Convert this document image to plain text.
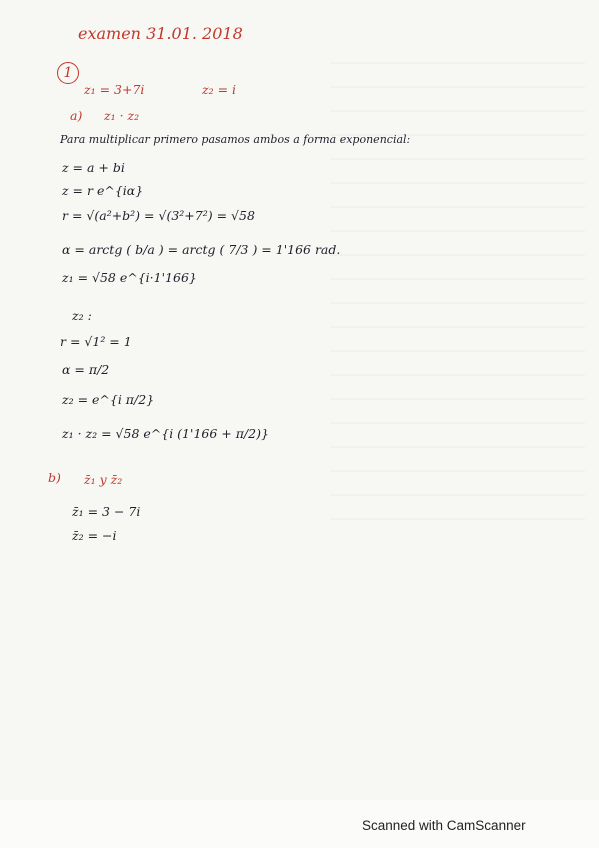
examen 31.01. 2018
1
z₁ = 3+7i	z₂ = i
a) z₁ · z₂
Para multiplicar primero pasamos ambos a forma exponencial:
z = a + bi
z = r e^{iα}
r = √(a²+b²) = √(3²+7²) = √58
α = arctg ( b/a ) = arctg ( 7/3 ) = 1'166 rad.
z₁ = √58 e^{i·1'166}
z₂ :
r = √1² = 1
α = π/2
z₂ = e^{i π/2}
z₁ · z₂ = √58 e^{i (1'166 + π/2)}
b) z̄₁ y z̄₂
z̄₁ = 3 − 7i
z̄₂ = −i
Scanned with CamScanner
